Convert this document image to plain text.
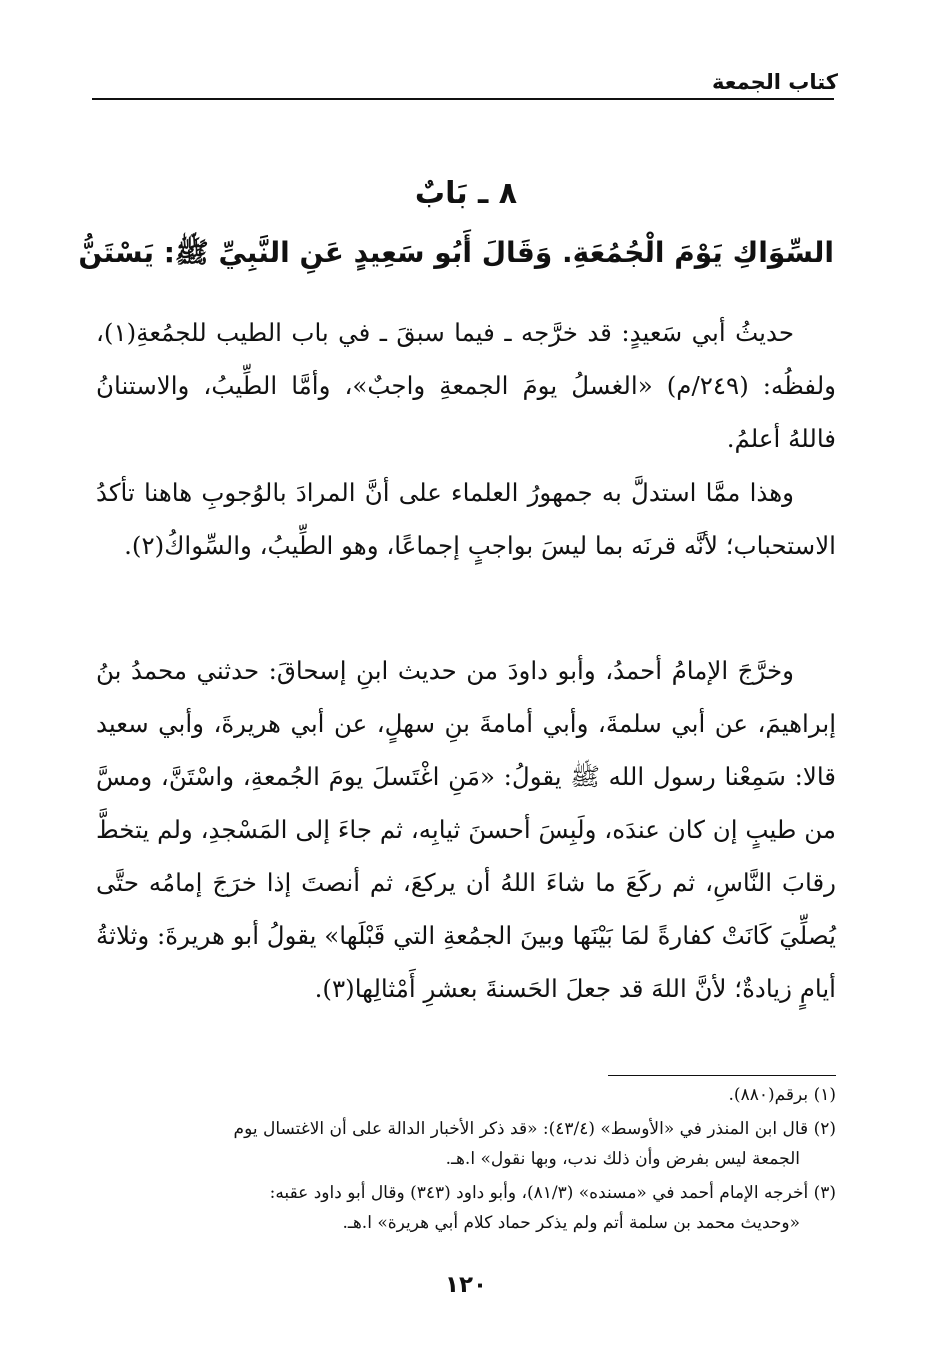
كتاب الجمعة
٨ ـ بَابٌ
السِّوَاكِ يَوْمَ الْجُمُعَةِ. وَقَالَ أَبُو سَعِيدٍ عَنِ النَّبِيِّ ﷺ: يَسْتَنُّ

حديثُ أبي سَعيدٍ: قد خرَّجه ـ فيما سبقَ ـ في باب الطيب للجمُعةِ(١)، ولفظُه: (٢٤٩/م) «الغسلُ يومَ الجمعةِ واجبٌ»، وأمَّا الطِّيبُ، والاستنانُ فاللهُ أعلمُ.

وهذا ممَّا استدلَّ به جمهورُ العلماء على أنَّ المرادَ بالوُجوبِ هاهنا تأكدُ الاستحباب؛ لأنَّه قرنَه بما ليسَ بواجبٍ إجماعًا، وهو الطِّيبُ، والسِّواكُ(٢).

وخرَّجَ الإمامُ أحمدُ، وأبو داودَ من حديث ابنِ إسحاقَ: حدثني محمدُ بنُ إبراهيمَ، عن أبي سلمةَ، وأبي أمامةَ بنِ سهلٍ، عن أبي هريرةَ، وأبي سعيد قالا: سَمِعْنا رسول الله ﷺ يقولُ: «مَنِ اغْتَسلَ يومَ الجُمعةِ، واسْتَنَّ، ومسَّ من طيبٍ إن كان عندَه، ولَبِسَ أحسنَ ثيابِه، ثم جاءَ إلى المَسْجدِ، ولم يتخطَّ رقابَ النَّاسِ، ثم ركَعَ ما شاءَ اللهُ أن يركعَ، ثم أنصتَ إذا خرَجَ إمامُه حتَّى يُصلِّيَ كَانَتْ كفارةً لمَا بَيْنَها وبينَ الجمُعةِ التي قَبْلَها» يقولُ أبو هريرةَ: وثلاثةُ أيامٍ زيادةٌ؛ لأنَّ اللهَ قد جعلَ الحَسنةَ بعشرِ أَمْثالِها(٣).

(١) برقم(٨٨٠).
(٢) قال ابن المنذر في «الأوسط» (٤٣/٤): «قد ذكر الأخبار الدالة على أن الاغتسال يوم
الجمعة ليس بفرض وأن ذلك ندب، وبها نقول» ا.هـ.
(٣) أخرجه الإمام أحمد في «مسنده» (٨١/٣)، وأبو داود (٣٤٣) وقال أبو داود عقبه:
«وحديث محمد بن سلمة أتم ولم يذكر حماد كلام أبي هريرة» ا.هـ.
١٢٠
